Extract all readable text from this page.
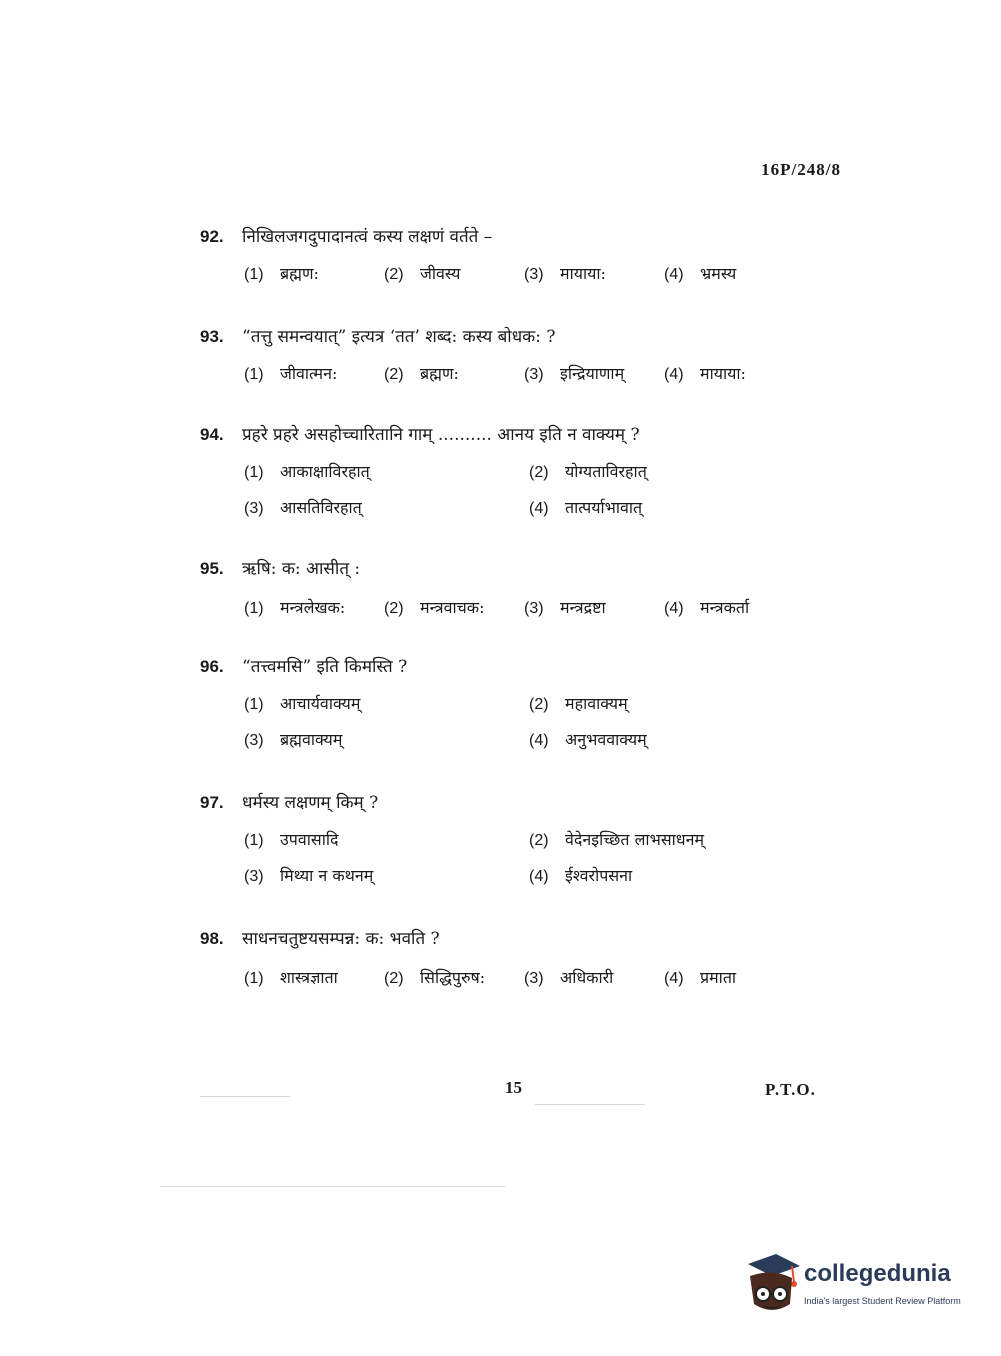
16P/248/8
92. निखिलजगदुपादानत्वं कस्य लक्षणं वर्तते –
(1) ब्रह्मण:	(2) जीवस्य	(3) मायाया:	(4) भ्रमस्य
93. “तत्तु समन्वयात्” इत्यत्र ‘तत’ शब्द: कस्य बोधक: ?
(1) जीवात्मन:	(2) ब्रह्मण:	(3) इन्द्रियाणाम्	(4) मायाया:
94. प्रहरे प्रहरे असहोच्चारितानि गाम् .......... आनय इति न वाक्यम् ?
(1) आकाक्षाविरहात्	(2) योग्यताविरहात्
(3) आसतिविरहात्	(4) तात्पर्याभावात्
95. ऋषि: क: आसीत् :
(1) मन्त्रलेखक:	(2) मन्त्रवाचक:	(3) मन्त्रद्रष्टा	(4) मन्त्रकर्ता
96. “तत्त्वमसि” इति किमस्ति ?
(1) आचार्यवाक्यम्	(2) महावाक्यम्
(3) ब्रह्मवाक्यम्	(4) अनुभववाक्यम्
97. धर्मस्य लक्षणम् किम् ?
(1) उपवासादि	(2) वेदेनइच्छित लाभसाधनम्
(3) मिथ्या न कथनम्	(4) ईश्वरोपसना
98. साधनचतुष्टयसम्पन्न: क: भवति ?
(1) शास्त्रज्ञाता	(2) सिद्धिपुरुष:	(3) अधिकारी	(4) प्रमाता
15	P.T.O.
collegedunia
India's largest Student Review Platform
